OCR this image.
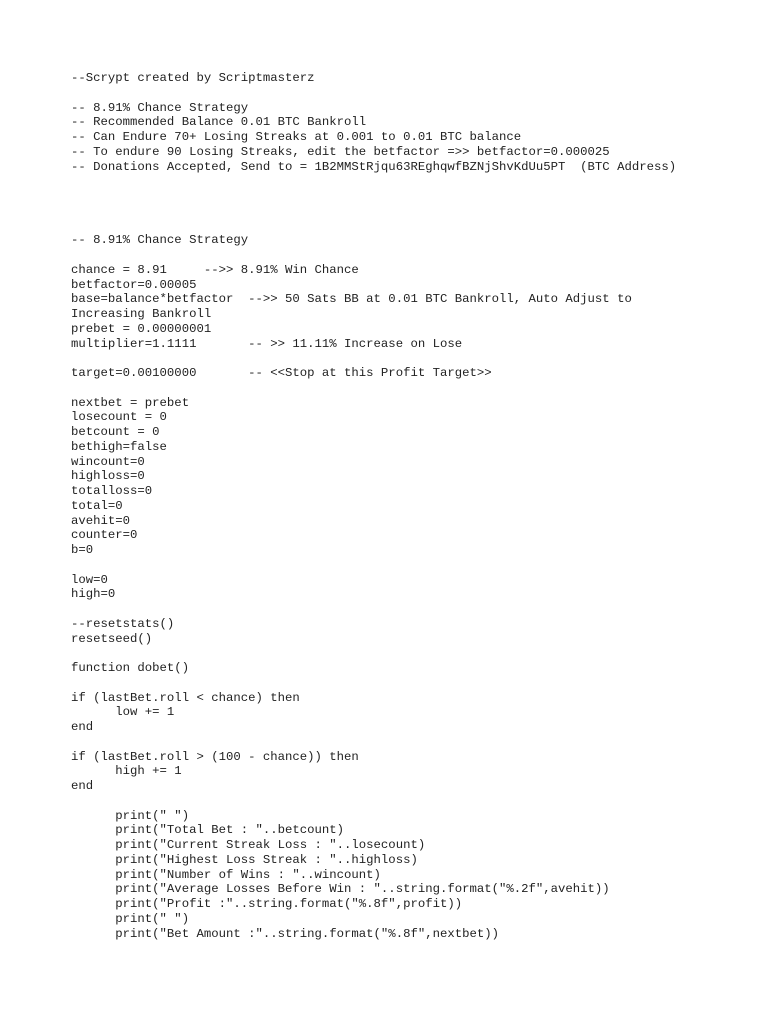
--Scrypt created by Scriptmasterz
-- 8.91% Chance Strategy
-- Recommended Balance 0.01 BTC Bankroll
-- Can Endure 70+ Losing Streaks at 0.001 to 0.01 BTC balance
-- To endure 90 Losing Streaks, edit the betfactor =>> betfactor=0.000025
-- Donations Accepted, Send to = 1B2MMStRjqu63REghqwfBZNjShvKdUu5PT  (BTC Address)
-- 8.91% Chance Strategy
chance = 8.91     -->> 8.91% Win Chance
betfactor=0.00005
base=balance*betfactor  -->> 50 Sats BB at 0.01 BTC Bankroll, Auto Adjust to
Increasing Bankroll
prebet = 0.00000001
multiplier=1.1111       -- >> 11.11% Increase on Lose
target=0.00100000       -- <<Stop at this Profit Target>>
nextbet = prebet
losecount = 0
betcount = 0
bethigh=false
wincount=0
highloss=0
totalloss=0
total=0
avehit=0
counter=0
b=0
low=0
high=0
--resetstats()
resetseed()
function dobet()
if (lastBet.roll < chance) then
low += 1
end
if (lastBet.roll > (100 - chance)) then
high += 1
end
print(" ")
print("Total Bet : "..betcount)
print("Current Streak Loss : "..losecount)
print("Highest Loss Streak : "..highloss)
print("Number of Wins : "..wincount)
print("Average Losses Before Win : "..string.format("%.2f",avehit))
print("Profit :"..string.format("%.8f",profit))
print(" ")
print("Bet Amount :"..string.format("%.8f",nextbet))
